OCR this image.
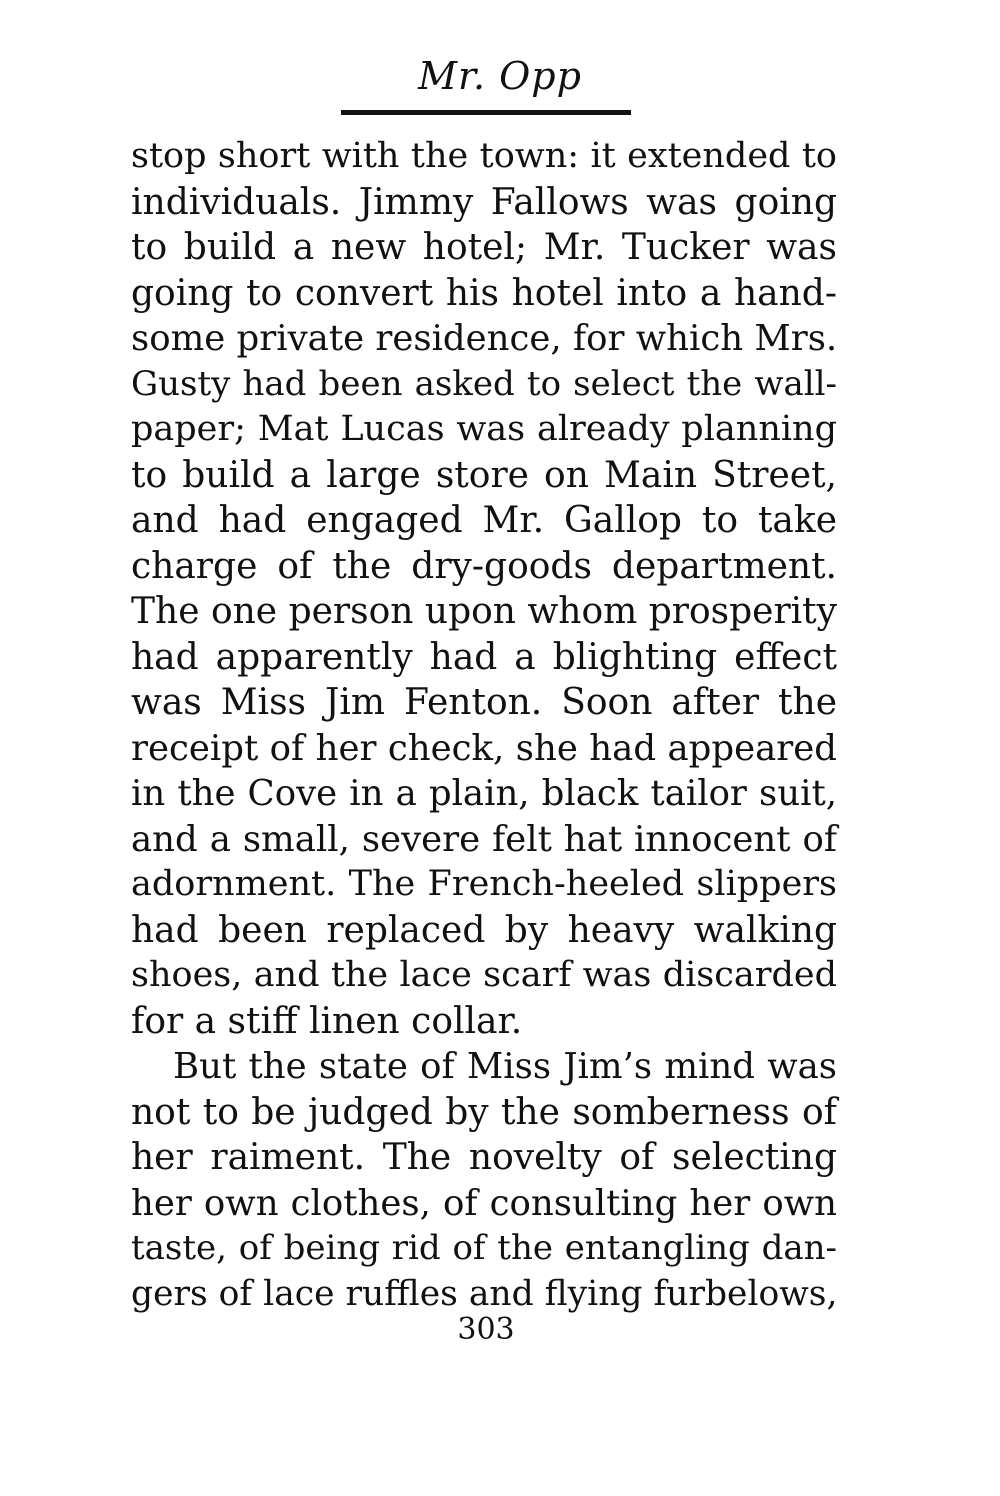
Mr. Opp
stop short with the town: it extended to
individuals. Jimmy Fallows was going
to build a new hotel; Mr. Tucker was
going to convert his hotel into a hand-
some private residence, for which Mrs.
Gusty had been asked to select the wall-
paper; Mat Lucas was already planning
to build a large store on Main Street,
and had engaged Mr. Gallop to take
charge of the dry-goods department.
The one person upon whom prosperity
had apparently had a blighting effect
was Miss Jim Fenton. Soon after the
receipt of her check, she had appeared
in the Cove in a plain, black tailor suit,
and a small, severe felt hat innocent of
adornment. The French-heeled slippers
had been replaced by heavy walking
shoes, and the lace scarf was discarded
for a stiff linen collar.
But the state of Miss Jim’s mind was
not to be judged by the somberness of
her raiment. The novelty of selecting
her own clothes, of consulting her own
taste, of being rid of the entangling dan-
gers of lace ruffles and flying furbelows,
303
